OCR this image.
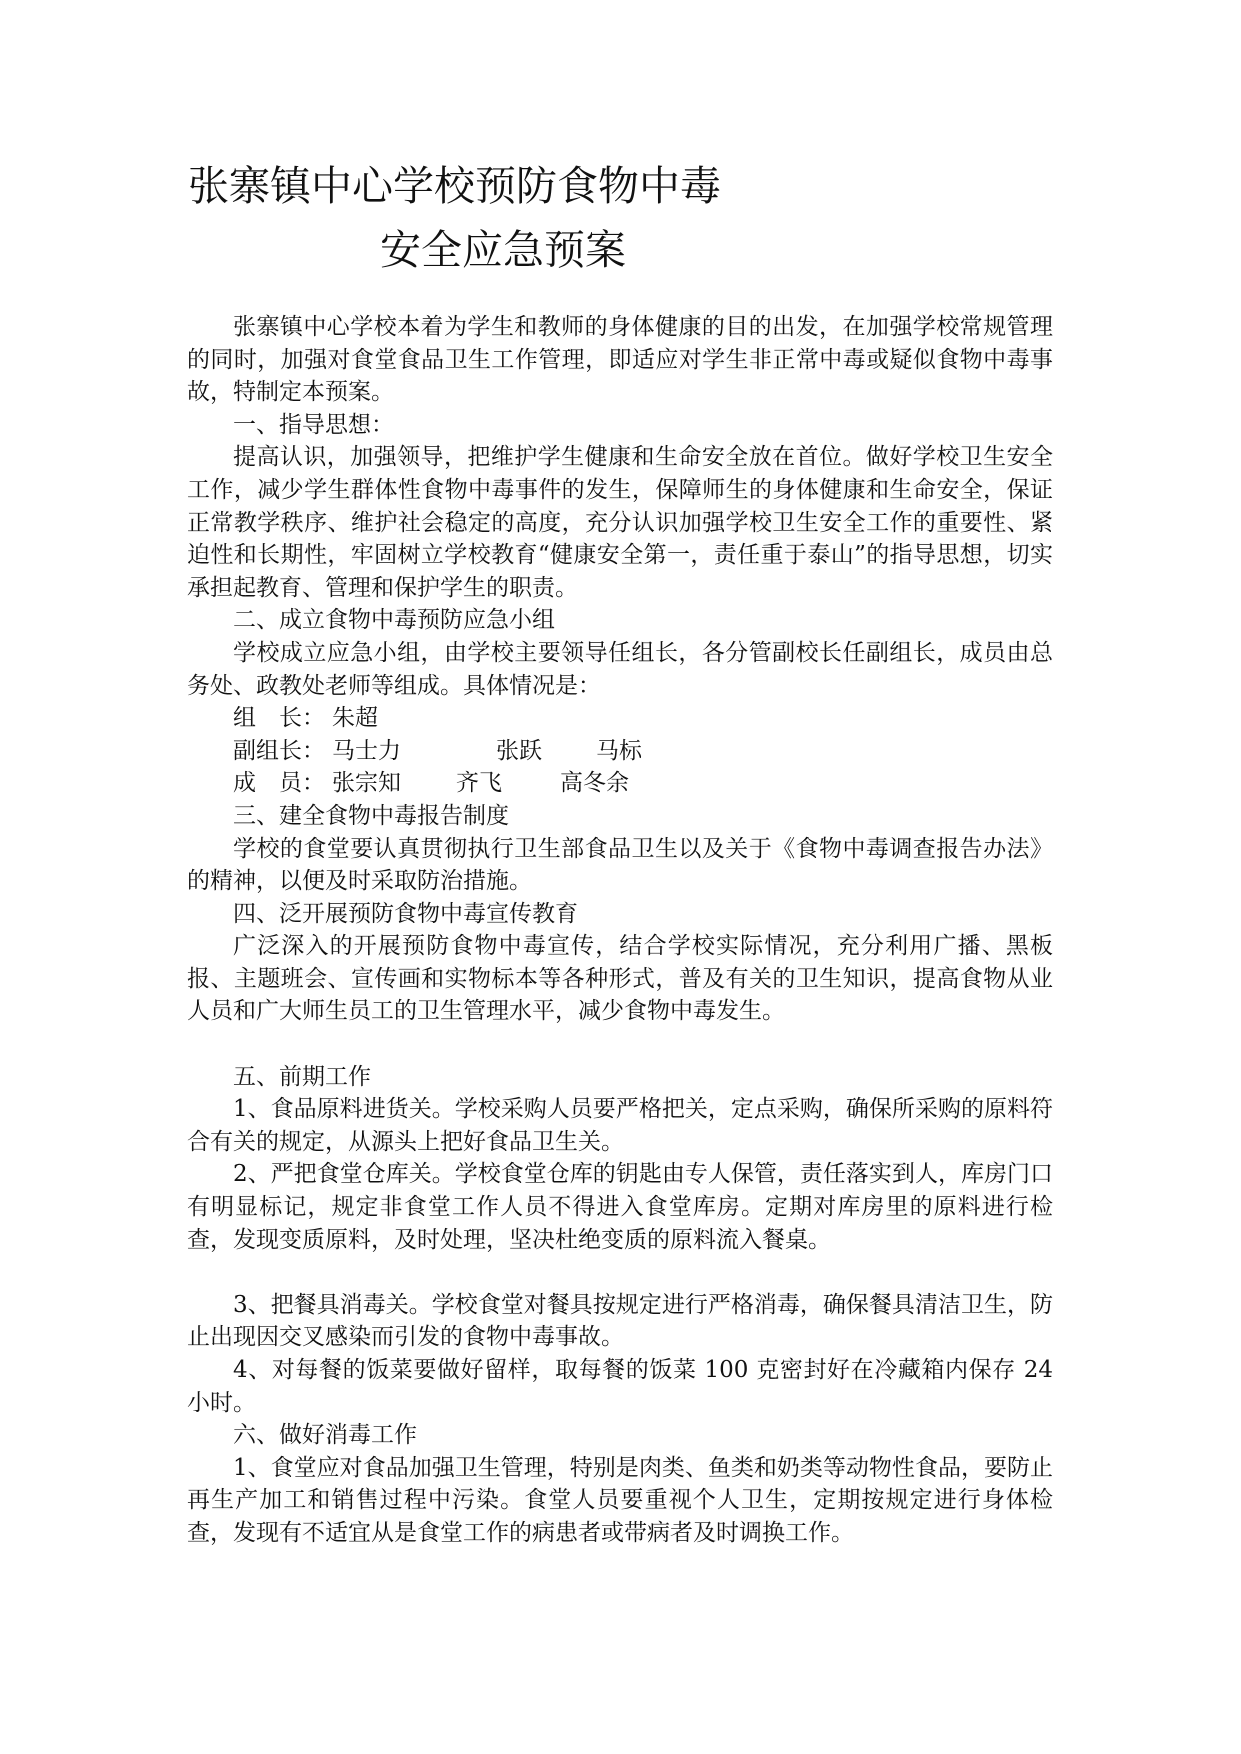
张寨镇中心学校预防食物中毒
安全应急预案

张寨镇中心学校本着为学生和教师的身体健康的目的出发，在加强学校常规管理的同时，加强对食堂食品卫生工作管理，即适应对学生非正常中毒或疑似食物中毒事故，特制定本预案。

一、指导思想：

提高认识，加强领导，把维护学生健康和生命安全放在首位。做好学校卫生安全工作，减少学生群体性食物中毒事件的发生，保障师生的身体健康和生命安全，保证正常教学秩序、维护社会稳定的高度，充分认识加强学校卫生安全工作的重要性、紧迫性和长期性，牢固树立学校教育“健康安全第一，责任重于泰山”的指导思想，切实承担起教育、管理和保护学生的职责。

二、成立食物中毒预防应急小组

学校成立应急小组，由学校主要领导任组长，各分管副校长任副组长，成员由总务处、政教处老师等组成。具体情况是：

组　长： 朱超

副组长： 马士力	张跃 马标

成　员： 张宗知 齐飞	高冬余

三、建全食物中毒报告制度

学校的食堂要认真贯彻执行卫生部食品卫生以及关于《食物中毒调查报告办法》的精神，以便及时采取防治措施。

四、泛开展预防食物中毒宣传教育

广泛深入的开展预防食物中毒宣传，结合学校实际情况，充分利用广播、黑板报、主题班会、宣传画和实物标本等各种形式，普及有关的卫生知识，提高食物从业人员和广大师生员工的卫生管理水平，减少食物中毒发生。

五、前期工作

1、食品原料进货关。学校采购人员要严格把关，定点采购，确保所采购的原料符合有关的规定，从源头上把好食品卫生关。

2、严把食堂仓库关。学校食堂仓库的钥匙由专人保管，责任落实到人，库房门口有明显标记，规定非食堂工作人员不得进入食堂库房。定期对库房里的原料进行检查，发现变质原料，及时处理，坚决杜绝变质的原料流入餐桌。

3、把餐具消毒关。学校食堂对餐具按规定进行严格消毒，确保餐具清洁卫生，防止出现因交叉感染而引发的食物中毒事故。

4、对每餐的饭菜要做好留样，取每餐的饭菜 100 克密封好在冷藏箱内保存 24 小时。

六、做好消毒工作

1、食堂应对食品加强卫生管理，特别是肉类、鱼类和奶类等动物性食品，要防止再生产加工和销售过程中污染。食堂人员要重视个人卫生，定期按规定进行身体检查，发现有不适宜从是食堂工作的病患者或带病者及时调换工作。
